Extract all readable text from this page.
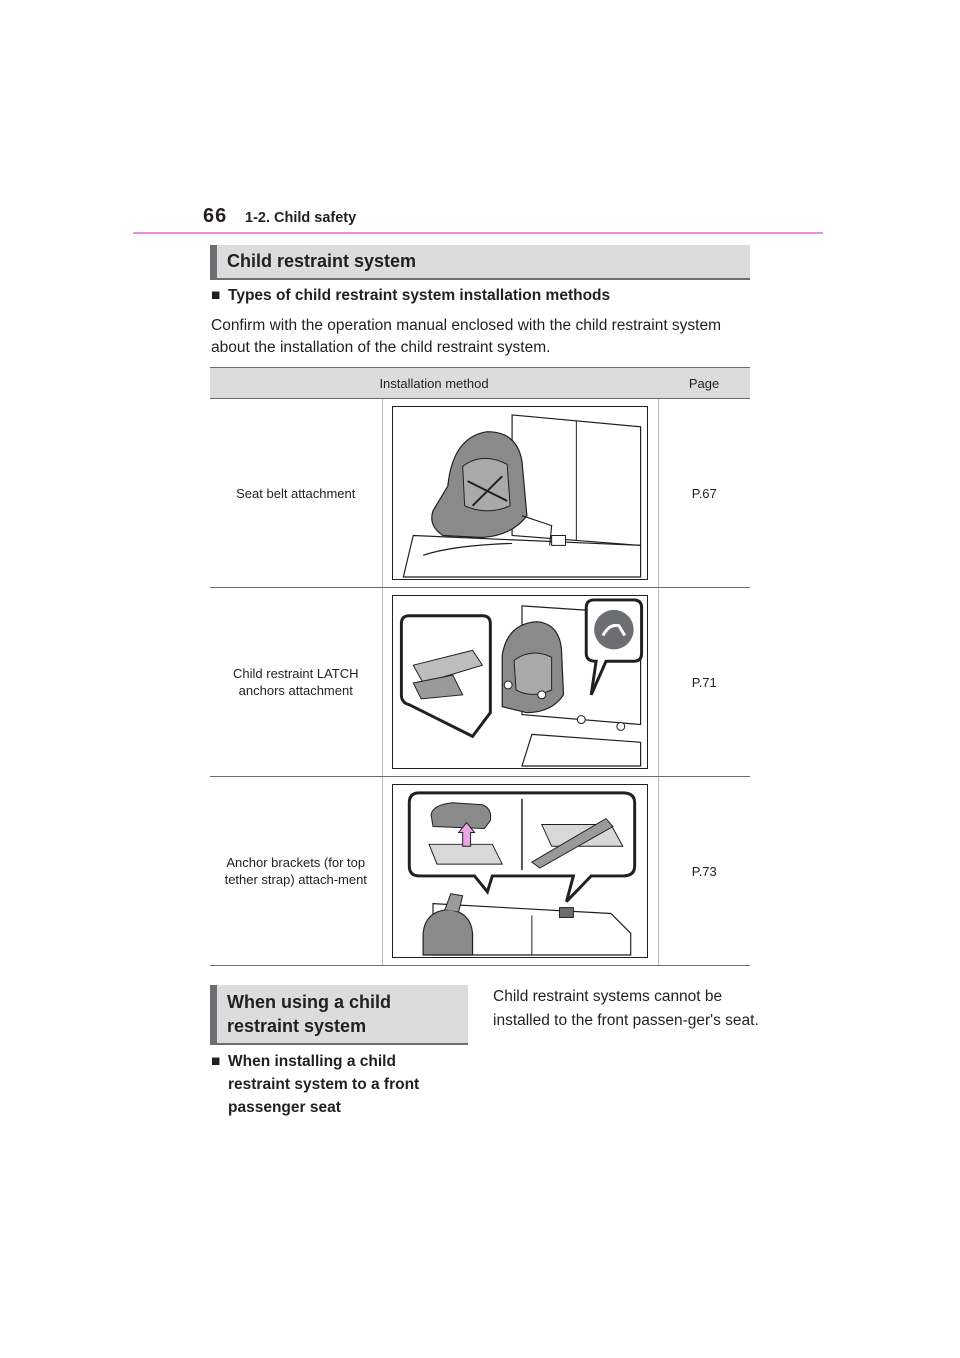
66 1-2. Child safety
Child restraint system
■ Types of child restraint system installation methods
Confirm with the operation manual enclosed with the child restraint system about the installation of the child restraint system.
Installation method		Page

Seat belt attachment		P.67

Child restraint LATCH anchors attachment		P.71

Anchor brackets (for top tether strap) attach-ment		P.73
When using a child restraint system
■ When installing a child restraint system to a front passenger seat
Child restraint systems cannot be installed to the front passen-ger's seat.
